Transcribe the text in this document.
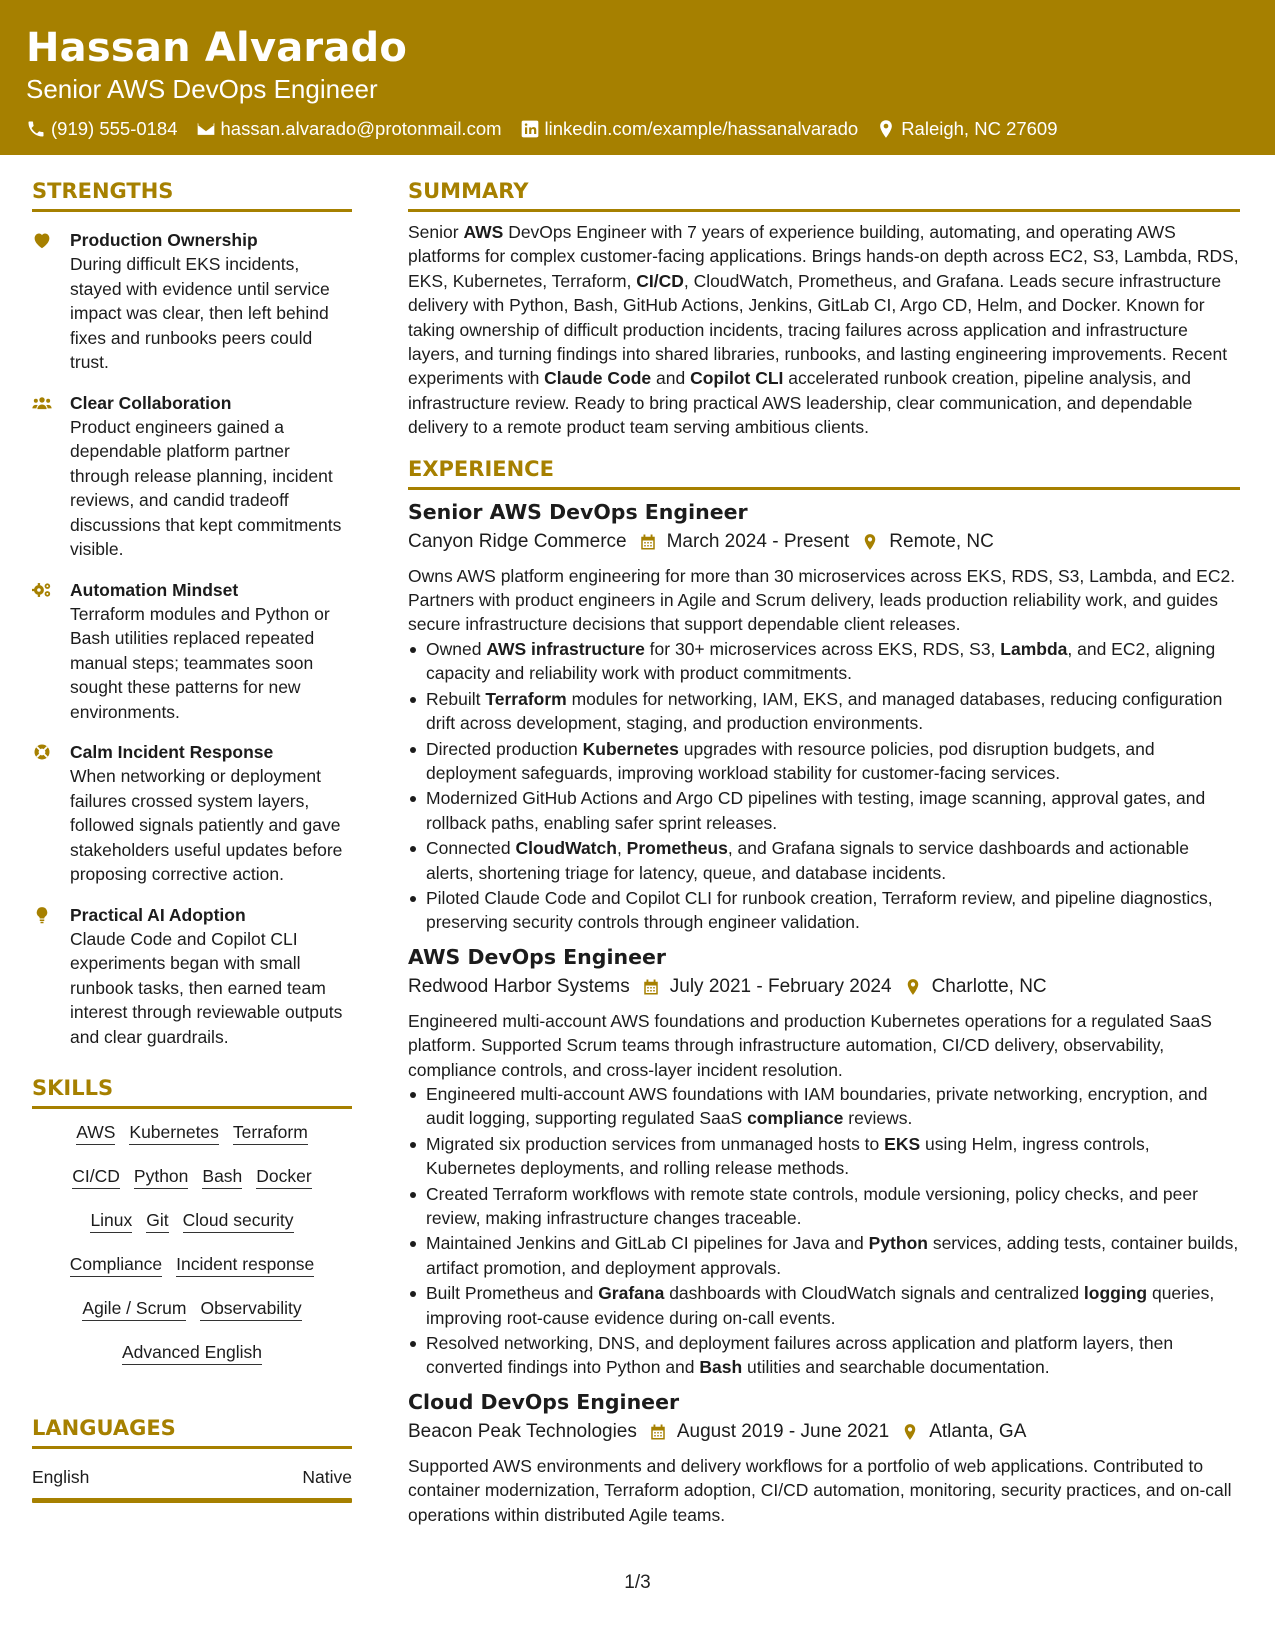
Hassan Alvarado
Senior AWS DevOps Engineer
(919) 555-0184 hassan.alvarado@protonmail.com linkedin.com/example/hassanalvarado Raleigh, NC 27609
STRENGTHS
Production Ownership
During difficult EKS incidents, stayed with evidence until service impact was clear, then left behind fixes and runbooks peers could trust.
Clear Collaboration
Product engineers gained a dependable platform partner through release planning, incident reviews, and candid tradeoff discussions that kept commitments visible.
Automation Mindset
Terraform modules and Python or Bash utilities replaced repeated manual steps; teammates soon sought these patterns for new environments.
Calm Incident Response
When networking or deployment failures crossed system layers, followed signals patiently and gave stakeholders useful updates before proposing corrective action.
Practical AI Adoption
Claude Code and Copilot CLI experiments began with small runbook tasks, then earned team interest through reviewable outputs and clear guardrails.
SKILLS
AWS Kubernetes Terraform
CI/CD Python Bash Docker
Linux Git Cloud security
Compliance Incident response
Agile / Scrum Observability
Advanced English
LANGUAGES
English	Native
SUMMARY
Senior AWS DevOps Engineer with 7 years of experience building, automating, and operating AWS platforms for complex customer-facing applications. Brings hands-on depth across EC2, S3, Lambda, RDS, EKS, Kubernetes, Terraform, CI/CD, CloudWatch, Prometheus, and Grafana. Leads secure infrastructure delivery with Python, Bash, GitHub Actions, Jenkins, GitLab CI, Argo CD, Helm, and Docker. Known for taking ownership of difficult production incidents, tracing failures across application and infrastructure layers, and turning findings into shared libraries, runbooks, and lasting engineering improvements. Recent experiments with Claude Code and Copilot CLI accelerated runbook creation, pipeline analysis, and infrastructure review. Ready to bring practical AWS leadership, clear communication, and dependable delivery to a remote product team serving ambitious clients.
EXPERIENCE
Senior AWS DevOps Engineer
Canyon Ridge Commerce March 2024 - Present Remote, NC
Owns AWS platform engineering for more than 30 microservices across EKS, RDS, S3, Lambda, and EC2. Partners with product engineers in Agile and Scrum delivery, leads production reliability work, and guides secure infrastructure decisions that support dependable client releases.
Owned AWS infrastructure for 30+ microservices across EKS, RDS, S3, Lambda, and EC2, aligning capacity and reliability work with product commitments.
Rebuilt Terraform modules for networking, IAM, EKS, and managed databases, reducing configuration drift across development, staging, and production environments.
Directed production Kubernetes upgrades with resource policies, pod disruption budgets, and deployment safeguards, improving workload stability for customer-facing services.
Modernized GitHub Actions and Argo CD pipelines with testing, image scanning, approval gates, and rollback paths, enabling safer sprint releases.
Connected CloudWatch, Prometheus, and Grafana signals to service dashboards and actionable alerts, shortening triage for latency, queue, and database incidents.
Piloted Claude Code and Copilot CLI for runbook creation, Terraform review, and pipeline diagnostics, preserving security controls through engineer validation.
AWS DevOps Engineer
Redwood Harbor Systems July 2021 - February 2024 Charlotte, NC
Engineered multi-account AWS foundations and production Kubernetes operations for a regulated SaaS platform. Supported Scrum teams through infrastructure automation, CI/CD delivery, observability, compliance controls, and cross-layer incident resolution.
Engineered multi-account AWS foundations with IAM boundaries, private networking, encryption, and audit logging, supporting regulated SaaS compliance reviews.
Migrated six production services from unmanaged hosts to EKS using Helm, ingress controls, Kubernetes deployments, and rolling release methods.
Created Terraform workflows with remote state controls, module versioning, policy checks, and peer review, making infrastructure changes traceable.
Maintained Jenkins and GitLab CI pipelines for Java and Python services, adding tests, container builds, artifact promotion, and deployment approvals.
Built Prometheus and Grafana dashboards with CloudWatch signals and centralized logging queries, improving root-cause evidence during on-call events.
Resolved networking, DNS, and deployment failures across application and platform layers, then converted findings into Python and Bash utilities and searchable documentation.
Cloud DevOps Engineer
Beacon Peak Technologies August 2019 - June 2021 Atlanta, GA
Supported AWS environments and delivery workflows for a portfolio of web applications. Contributed to container modernization, Terraform adoption, CI/CD automation, monitoring, security practices, and on-call operations within distributed Agile teams.
1/3
